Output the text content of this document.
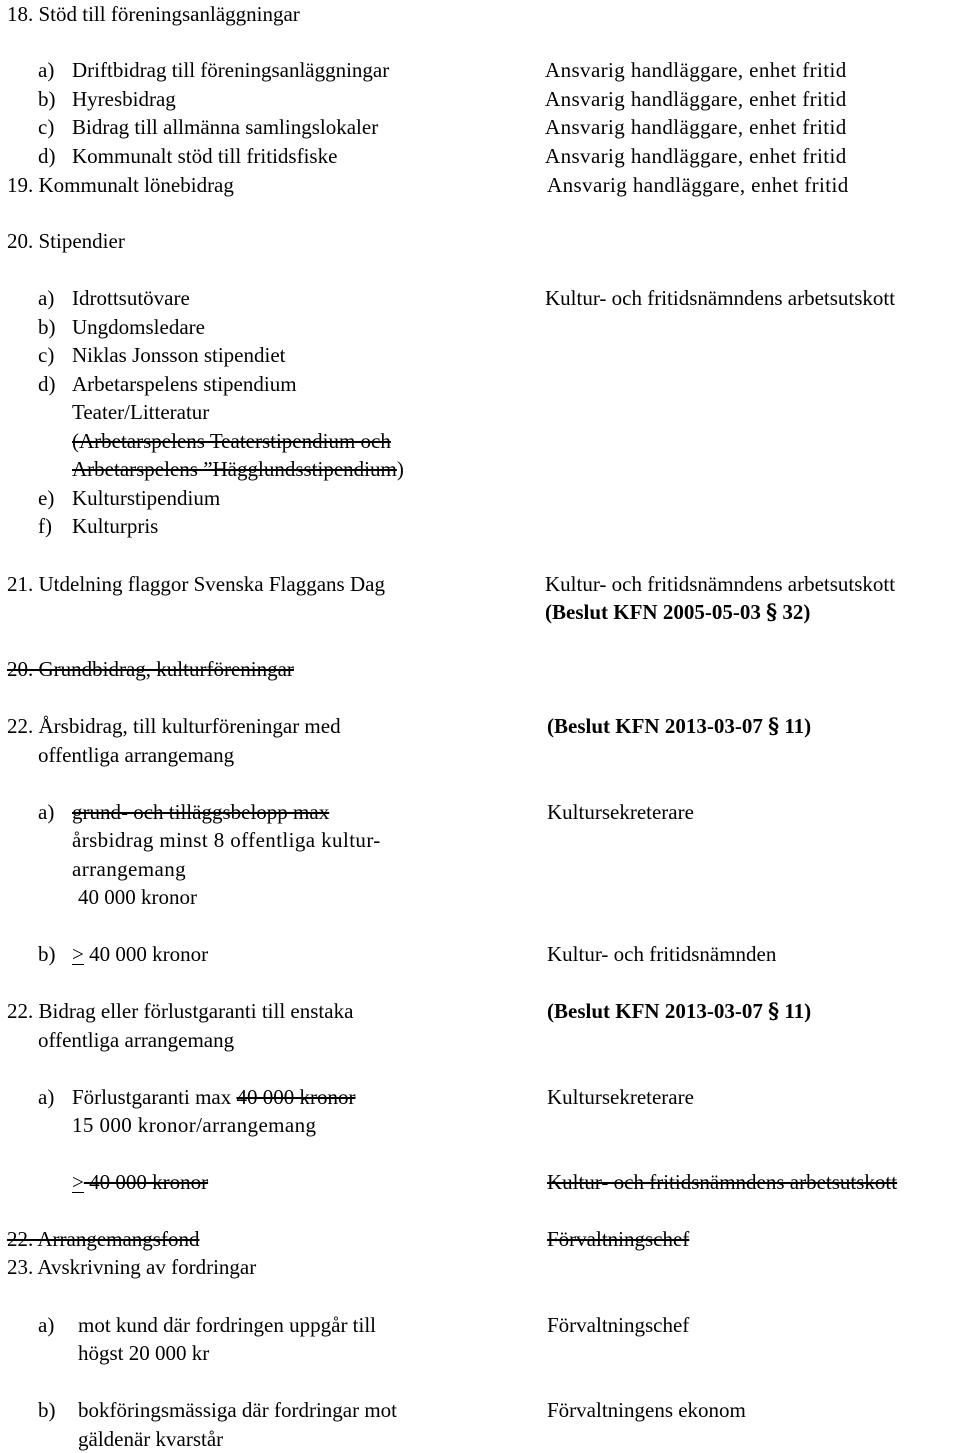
18. Stöd till föreningsanläggningar
a) Driftbidrag till föreningsanläggningar	Ansvarig handläggare, enhet fritid
b) Hyresbidrag	Ansvarig handläggare, enhet fritid
c) Bidrag till allmänna samlingslokaler	Ansvarig handläggare, enhet fritid
d) Kommunalt stöd till fritidsfiske	Ansvarig handläggare, enhet fritid
19. Kommunalt lönebidrag	Ansvarig handläggare, enhet fritid
20. Stipendier
a) Idrottsutövare	Kultur- och fritidsnämndens arbetsutskott
b) Ungdomsledare
c) Niklas Jonsson stipendiet
d) Arbetarspelens stipendium
Teater/Litteratur
(Arbetarspelens Teaterstipendium och
Arbetarspelens ”Hägglundsstipendium)
e) Kulturstipendium
f) Kulturpris
21. Utdelning flaggor Svenska Flaggans Dag	Kultur- och fritidsnämndens arbetsutskott
(Beslut KFN 2005-05-03 § 32)
20. Grundbidrag, kulturföreningar
22. Årsbidrag, till kulturföreningar med	(Beslut KFN 2013-03-07 § 11)
offentliga arrangemang
a) grund- och tilläggsbelopp max	Kultursekreterare
årsbidrag minst 8 offentliga kultur-
arrangemang
40 000 kronor
b) > 40 000 kronor	Kultur- och fritidsnämnden
22. Bidrag eller förlustgaranti till enstaka	(Beslut KFN 2013-03-07 § 11)
offentliga arrangemang
a) Förlustgaranti max 40 000 kronor	Kultursekreterare
15 000 kronor/arrangemang
> 40 000 kronor	Kultur- och fritidsnämndens arbetsutskott
22. Arrangemangsfond	Förvaltningschef
23. Avskrivning av fordringar
a) mot kund där fordringen uppgår till	Förvaltningschef
högst 20 000 kr
b) bokföringsmässiga där fordringar mot	Förvaltningens ekonom
gäldenär kvarstår
